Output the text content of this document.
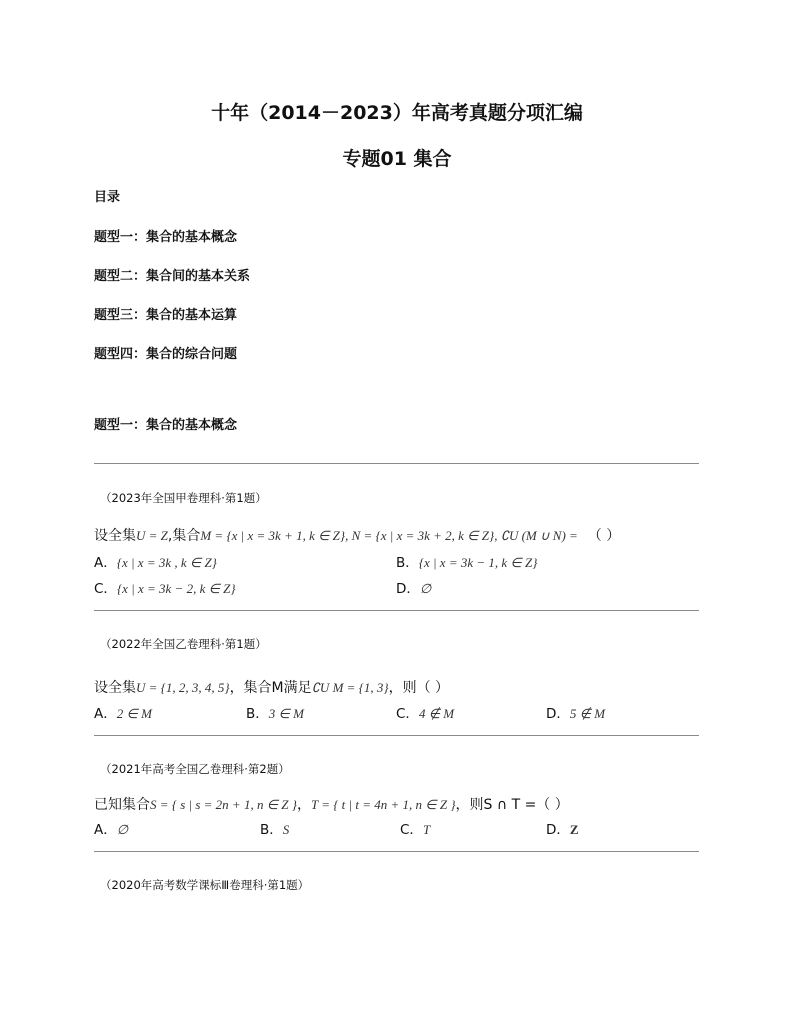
十年（2014－2023）年高考真题分项汇编
专题01 集合
目录
题型一：集合的基本概念
题型二：集合间的基本关系
题型三：集合的基本运算
题型四：集合的综合问题
题型一：集合的基本概念
（2023年全国甲卷理科·第1题）
设全集U = Z,集合M = {x | x = 3k + 1, k ∈ Z}, N = {x | x = 3k + 2, k ∈ Z}, ∁U (M ∪ N) = （ ）
A．{x | x = 3k , k ∈ Z}	B．{x | x = 3k − 1, k ∈ Z}
C．{x | x = 3k − 2, k ∈ Z}	D．∅
（2022年全国乙卷理科·第1题）
设全集U = {1, 2, 3, 4, 5}，集合M满足∁U M = {1, 3}，则（ ）
A．2 ∈ M	B．3 ∈ M	C．4 ∉ M	D．5 ∉ M
（2021年高考全国乙卷理科·第2题）
已知集合S = { s | s = 2n + 1, n ∈ Z }，T = { t | t = 4n + 1, n ∈ Z }，则S ∩ T =（ ）
A．∅	B．S	C．T	D．Z
（2020年高考数学课标Ⅲ卷理科·第1题）
